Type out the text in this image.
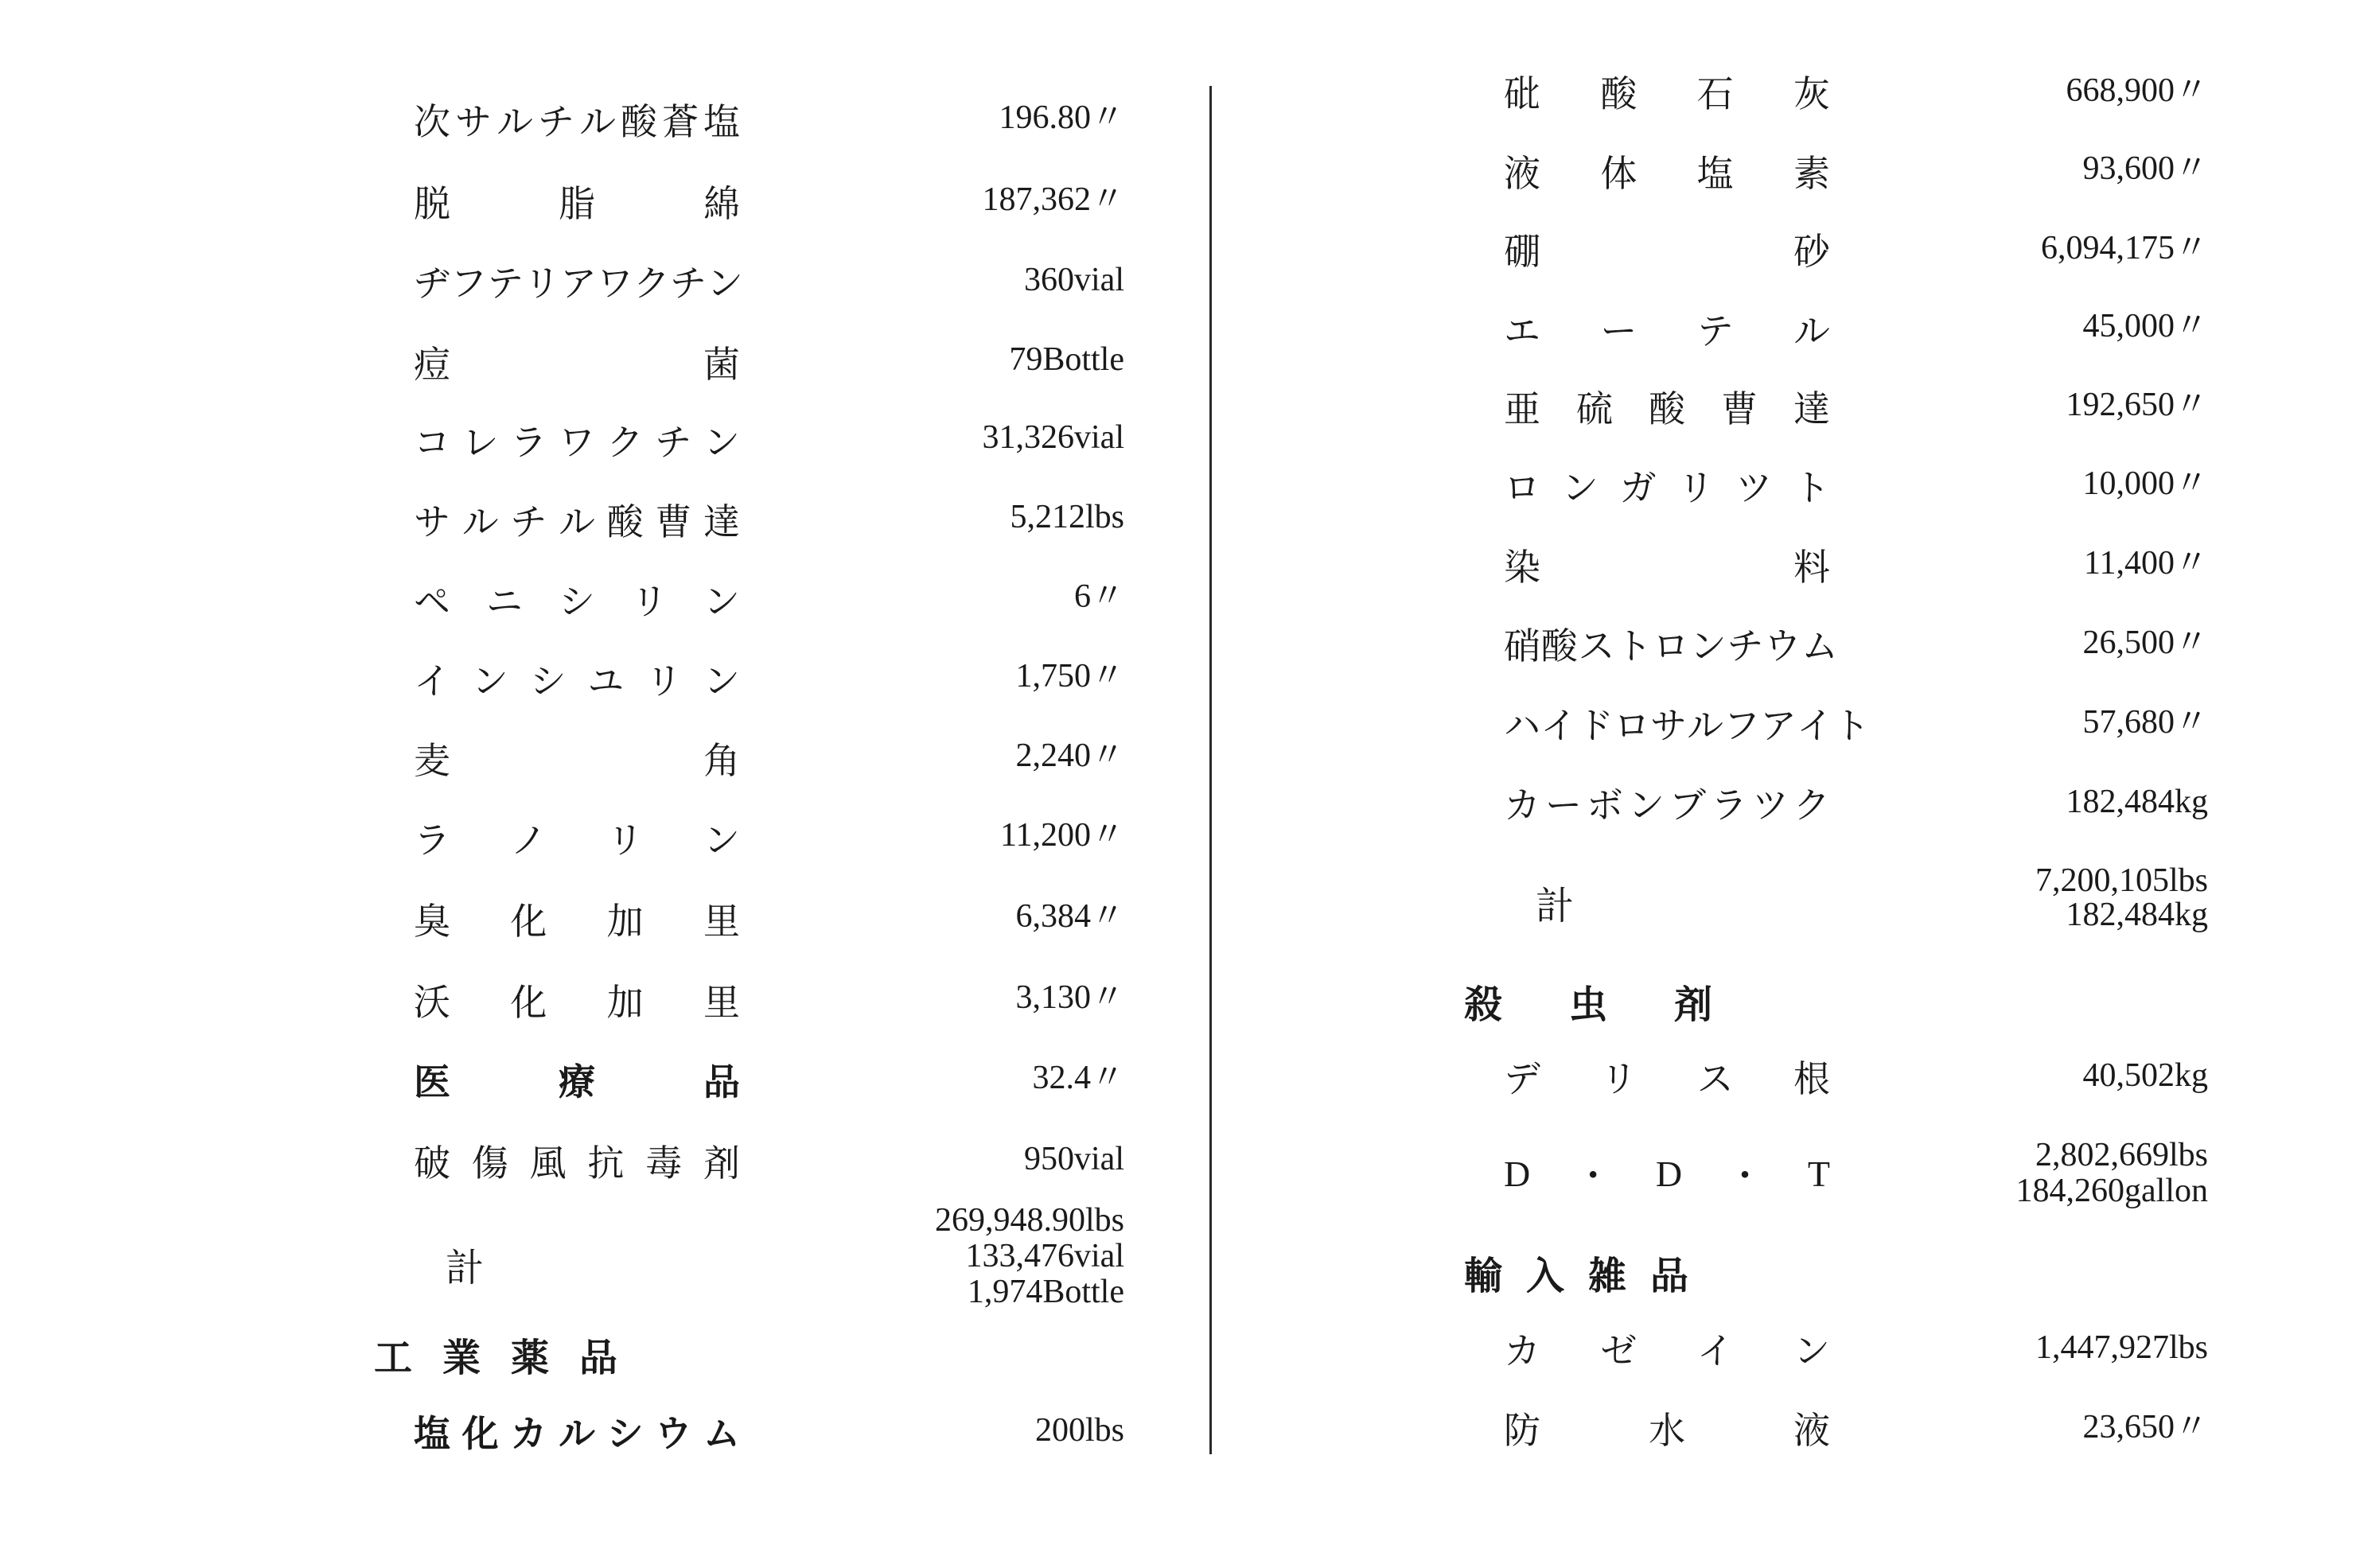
次 サ ル チ ル 酸 蒼 塩	196.80〃
脱	脂	綿	187,362〃
ヂ フ テ リ ア ワ ク チ ン	360vial
痘	菌	79Bottle
コ レ ラ ワ ク チ ン	31,326vial
サ ル チ ル 酸 曹 達	5,212lbs
ペ ニ シ リ ン	6〃
イ ン シ ユ リ ン	1,750〃
麦	角	2,240〃
ラ ノ リ ン	11,200〃
臭 化 加 里	6,384〃
沃 化 加 里	3,130〃
医	療	品	32.4〃
破 傷 風 抗 毒 剤	950vial
計
269,948.90lbs
133,476vial
1,974Bottle
工業薬品
塩 化 カ ル シ ウ ム	200lbs
砒 酸 石 灰	668,900〃
液 体 塩 素	93,600〃
硼	砂	6,094,175〃
エ ー テ ル	45,000〃
亜 硫 酸 曹 達	192,650〃
ロ ン ガ リ ツ ト	10,000〃
染	料	11,400〃
硝 酸 ス ト ロ ン チ ウ ム	26,500〃
ハ イ ド ロ サ ル フ ア イ ト	57,680〃
カ ー ボ ン ブ ラ ツ ク	182,484kg
計
7,200,105lbs
182,484kg
殺虫剤
デ リ ス 根	40,502kg
D ・ D ・ T	2,802,669lbs
184,260gallon
輸入雑品
カ ゼ イ ン	1,447,927lbs
防	水	液	23,650〃
